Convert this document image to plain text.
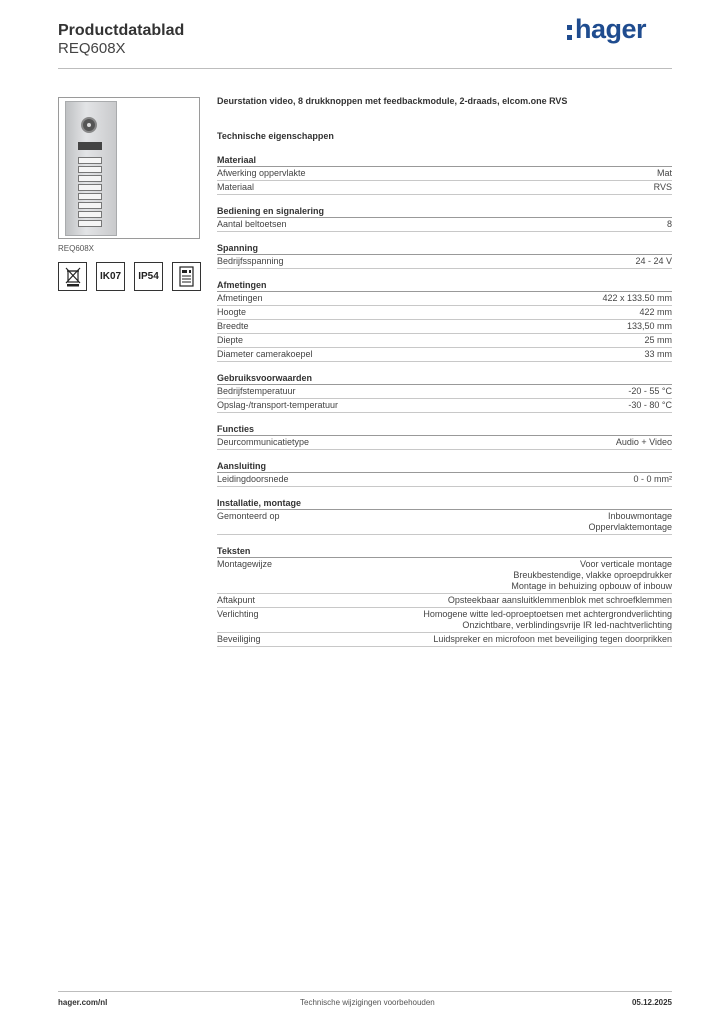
Productdatablad
REQ608X
hager
REQ608X
IK07	IP54
Deurstation video, 8 drukknoppen met feedbackmodule, 2-draads, elcom.one RVS
Technische eigenschappen
Materiaal
Afwerking oppervlakte	Mat
Materiaal	RVS
Bediening en signalering
Aantal beltoetsen	8
Spanning
Bedrijfsspanning	24 - 24 V
Afmetingen
Afmetingen	422 x 133.50 mm
Hoogte	422 mm
Breedte	133,50 mm
Diepte	25 mm
Diameter camerakoepel	33 mm
Gebruiksvoorwaarden
Bedrijfstemperatuur	-20 - 55 °C
Opslag-/transport-temperatuur	-30 - 80 °C
Functies
Deurcommunicatietype	Audio + Video
Aansluiting
Leidingdoorsnede	0 - 0 mm²
Installatie, montage
Gemonteerd op	Inbouwmontage
Oppervlaktemontage
Teksten
Montagewijze	Voor verticale montage
Breukbestendige, vlakke oproepdrukker
Montage in behuizing opbouw of inbouw
Aftakpunt	Opsteekbaar aansluitklemmenblok met schroefklemmen
Verlichting	Homogene witte led-oproeptoetsen met achtergrondverlichting
Onzichtbare, verblindingsvrije IR led-nachtverlichting
Beveiliging	Luidspreker en microfoon met beveiliging tegen doorprikken
hager.com/nl	Technische wijzigingen voorbehouden	05.12.2025
